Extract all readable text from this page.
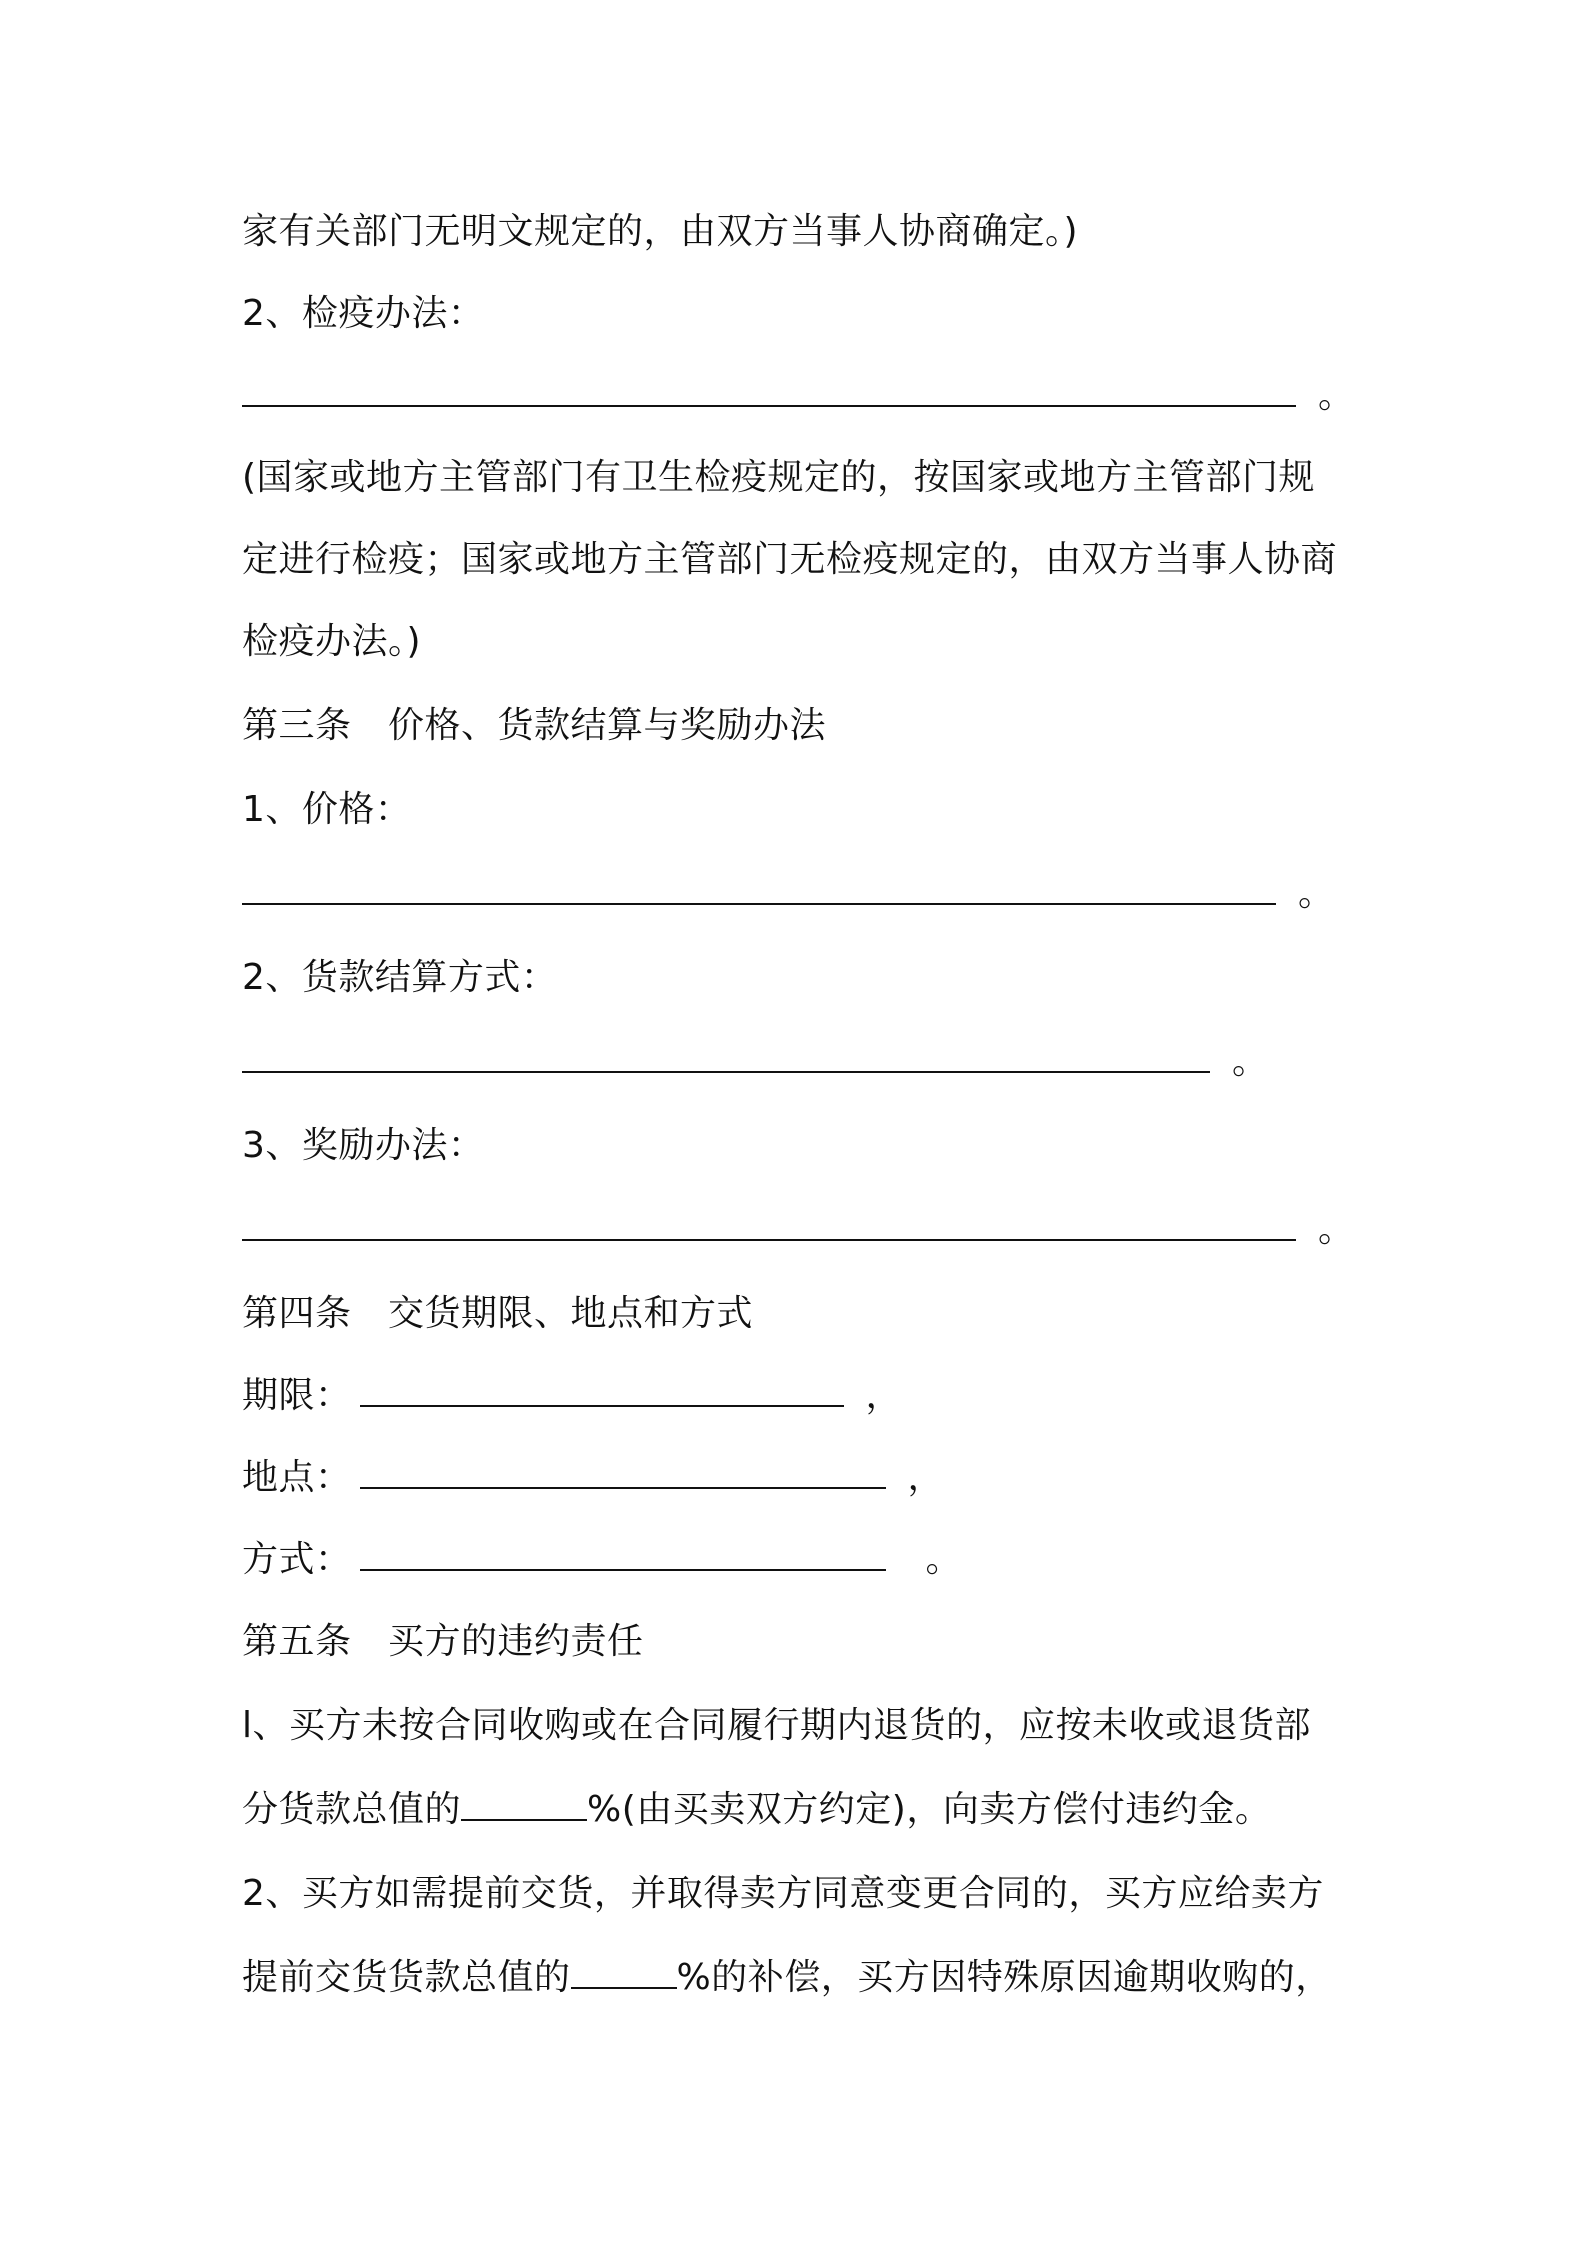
家有关部门无明文规定的，由双方当事人协商确定。)
2、检疫办法：
。
(国家或地方主管部门有卫生检疫规定的，按国家或地方主管部门规
定进行检疫；国家或地方主管部门无检疫规定的，由双方当事人协商
检疫办法。)
第三条　价格、货款结算与奖励办法
1、价格：
。
2、货款结算方式：
。
3、奖励办法：
。
第四条　交货期限、地点和方式
期限：	，
地点：	，
方式：	。
第五条　买方的违约责任
l、买方未按合同收购或在合同履行期内退货的，应按未收或退货部
分货款总值的	%(由买卖双方约定)，向卖方偿付违约金。
2、买方如需提前交货，并取得卖方同意变更合同的，买方应给卖方
提前交货货款总值的	%的补偿，买方因特殊原因逾期收购的，
